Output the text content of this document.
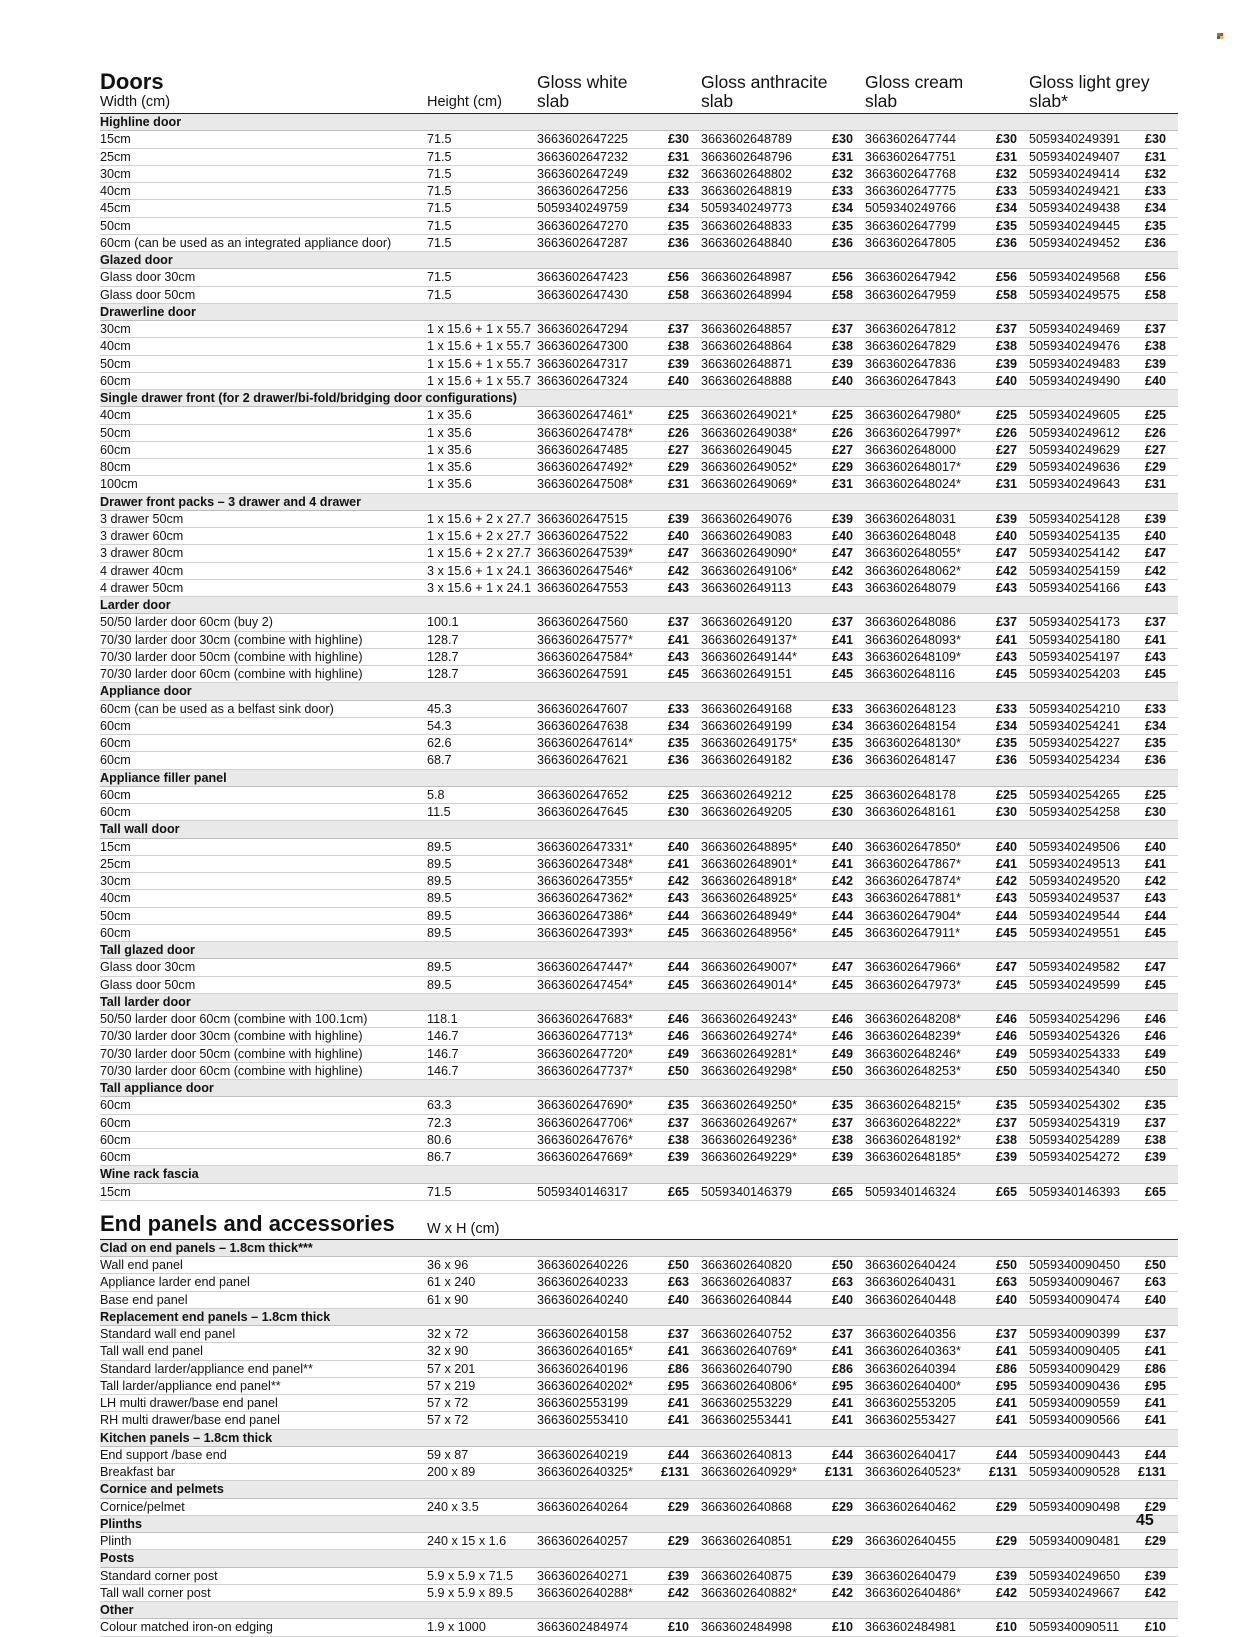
Doors
Width (cm)	Height (cm)
Gloss white
slab
Gloss anthracite
slab
Gloss cream
slab
Gloss light grey
slab*
Highline door
15cm	71.5	3663602647225	£30 3663602648789	£30 3663602647744	£30 5059340249391 £30
25cm	71.5	3663602647232	£31 3663602648796	£31 3663602647751	£31 5059340249407 £31
30cm	71.5	3663602647249	£32 3663602648802	£32 3663602647768	£32 5059340249414 £32
40cm	71.5	3663602647256	£33 3663602648819	£33 3663602647775	£33 5059340249421 £33
45cm	71.5	5059340249759	£34 5059340249773	£34 5059340249766	£34 5059340249438 £34
50cm	71.5	3663602647270	£35 3663602648833	£35 3663602647799	£35 5059340249445 £35
60cm (can be used as an integrated appliance door)	71.5	3663602647287	£36 3663602648840	£36 3663602647805	£36 5059340249452 £36
Glazed door
Glass door 30cm	71.5	3663602647423	£56 3663602648987	£56 3663602647942	£56 5059340249568 £56
Glass door 50cm	71.5	3663602647430	£58 3663602648994	£58 3663602647959	£58 5059340249575 £58
Drawerline door
30cm	1 x 15.6 + 1 x 55.7 3663602647294	£37 3663602648857	£37 3663602647812	£37 5059340249469 £37
40cm	1 x 15.6 + 1 x 55.7 3663602647300	£38 3663602648864	£38 3663602647829	£38 5059340249476 £38
50cm	1 x 15.6 + 1 x 55.7 3663602647317	£39 3663602648871	£39 3663602647836	£39 5059340249483 £39
60cm	1 x 15.6 + 1 x 55.7 3663602647324	£40 3663602648888	£40 3663602647843	£40 5059340249490 £40
Single drawer front (for 2 drawer/bi-fold/bridging door configurations)
40cm	1 x 35.6	3663602647461*	£25 3663602649021*	£25 3663602647980*	£25 5059340249605 £25
50cm	1 x 35.6	3663602647478*	£26 3663602649038*	£26 3663602647997*	£26 5059340249612 £26
60cm	1 x 35.6	3663602647485	£27 3663602649045	£27 3663602648000	£27 5059340249629 £27
80cm	1 x 35.6	3663602647492*	£29 3663602649052*	£29 3663602648017*	£29 5059340249636 £29
100cm	1 x 35.6	3663602647508*	£31 3663602649069*	£31 3663602648024*	£31 5059340249643 £31
Drawer front packs – 3 drawer and 4 drawer
3 drawer 50cm	1 x 15.6 + 2 x 27.7 3663602647515	£39 3663602649076	£39 3663602648031	£39 5059340254128 £39
3 drawer 60cm	1 x 15.6 + 2 x 27.7 3663602647522	£40 3663602649083	£40 3663602648048	£40 5059340254135 £40
3 drawer 80cm	1 x 15.6 + 2 x 27.7 3663602647539*	£47 3663602649090*	£47 3663602648055*	£47 5059340254142 £47
4 drawer 40cm	3 x 15.6 + 1 x 24.1 3663602647546*	£42 3663602649106*	£42 3663602648062*	£42 5059340254159 £42
4 drawer 50cm	3 x 15.6 + 1 x 24.1 3663602647553	£43 3663602649113	£43 3663602648079	£43 5059340254166 £43
Larder door
50/50 larder door 60cm (buy 2)	100.1	3663602647560	£37 3663602649120	£37 3663602648086	£37 5059340254173 £37
70/30 larder door 30cm (combine with highline)	128.7	3663602647577*	£41 3663602649137*	£41 3663602648093*	£41 5059340254180 £41
70/30 larder door 50cm (combine with highline)	128.7	3663602647584*	£43 3663602649144*	£43 3663602648109*	£43 5059340254197 £43
70/30 larder door 60cm (combine with highline)	128.7	3663602647591	£45 3663602649151	£45 3663602648116	£45 5059340254203 £45
Appliance door
60cm (can be used as a belfast sink door)	45.3	3663602647607	£33 3663602649168	£33 3663602648123	£33 5059340254210 £33
60cm	54.3	3663602647638	£34 3663602649199	£34 3663602648154	£34 5059340254241 £34
60cm	62.6	3663602647614*	£35 3663602649175*	£35 3663602648130*	£35 5059340254227 £35
60cm	68.7	3663602647621	£36 3663602649182	£36 3663602648147	£36 5059340254234 £36
Appliance filler panel
60cm	5.8	3663602647652	£25 3663602649212	£25 3663602648178	£25 5059340254265 £25
60cm	11.5	3663602647645	£30 3663602649205	£30 3663602648161	£30 5059340254258 £30
Tall wall door
15cm	89.5	3663602647331*	£40 3663602648895*	£40 3663602647850*	£40 5059340249506 £40
25cm	89.5	3663602647348*	£41 3663602648901*	£41 3663602647867*	£41 5059340249513 £41
30cm	89.5	3663602647355*	£42 3663602648918*	£42 3663602647874*	£42 5059340249520 £42
40cm	89.5	3663602647362*	£43 3663602648925*	£43 3663602647881*	£43 5059340249537 £43
50cm	89.5	3663602647386*	£44 3663602648949*	£44 3663602647904*	£44 5059340249544 £44
60cm	89.5	3663602647393*	£45 3663602648956*	£45 3663602647911*	£45 5059340249551 £45
Tall glazed door
Glass door 30cm	89.5	3663602647447*	£44 3663602649007*	£47 3663602647966*	£47 5059340249582 £47
Glass door 50cm	89.5	3663602647454*	£45 3663602649014*	£45 3663602647973*	£45 5059340249599 £45
Tall larder door
50/50 larder door 60cm (combine with 100.1cm)	118.1	3663602647683*	£46 3663602649243*	£46 3663602648208*	£46 5059340254296 £46
70/30 larder door 30cm (combine with highline)	146.7	3663602647713*	£46 3663602649274*	£46 3663602648239*	£46 5059340254326 £46
70/30 larder door 50cm (combine with highline)	146.7	3663602647720*	£49 3663602649281*	£49 3663602648246*	£49 5059340254333 £49
70/30 larder door 60cm (combine with highline)	146.7	3663602647737*	£50 3663602649298*	£50 3663602648253*	£50 5059340254340 £50
Tall appliance door
60cm	63.3	3663602647690*	£35 3663602649250*	£35 3663602648215*	£35 5059340254302 £35
60cm	72.3	3663602647706*	£37 3663602649267*	£37 3663602648222*	£37 5059340254319 £37
60cm	80.6	3663602647676*	£38 3663602649236*	£38 3663602648192*	£38 5059340254289 £38
60cm	86.7	3663602647669*	£39 3663602649229*	£39 3663602648185*	£39 5059340254272 £39
Wine rack fascia
15cm	71.5	5059340146317	£65 5059340146379	£65 5059340146324	£65 5059340146393 £65
End panels and accessories	W x H (cm)
Clad on end panels – 1.8cm thick***
Wall end panel	36 x 96	3663602640226	£50 3663602640820	£50 3663602640424	£50 5059340090450 £50
Appliance larder end panel	61 x 240	3663602640233	£63 3663602640837	£63 3663602640431	£63 5059340090467 £63
Base end panel	61 x 90	3663602640240	£40 3663602640844	£40 3663602640448	£40 5059340090474 £40
Replacement end panels – 1.8cm thick
Standard wall end panel	32 x 72	3663602640158	£37 3663602640752	£37 3663602640356	£37 5059340090399 £37
Tall wall end panel	32 x 90	3663602640165*	£41 3663602640769*	£41 3663602640363*	£41 5059340090405 £41
Standard larder/appliance end panel**	57 x 201	3663602640196	£86 3663602640790	£86 3663602640394	£86 5059340090429 £86
Tall larder/appliance end panel**	57 x 219	3663602640202*	£95 3663602640806*	£95 3663602640400*	£95 5059340090436 £95
LH multi drawer/base end panel	57 x 72	3663602553199	£41 3663602553229	£41 3663602553205	£41 5059340090559 £41
RH multi drawer/base end panel	57 x 72	3663602553410	£41 3663602553441	£41 3663602553427	£41 5059340090566 £41
Kitchen panels – 1.8cm thick
End support /base end	59 x 87	3663602640219	£44 3663602640813	£44 3663602640417	£44 5059340090443 £44
Breakfast bar	200 x 89	3663602640325* £131 3663602640929* £131 3663602640523* £131 5059340090528 £131
Cornice and pelmets
Cornice/pelmet	240 x 3.5	3663602640264	£29 3663602640868	£29 3663602640462	£29 5059340090498 £29
Plinths
Plinth	240 x 15 x 1.6	3663602640257	£29 3663602640851	£29 3663602640455	£29 5059340090481 £29
Posts
Standard corner post	5.9 x 5.9 x 71.5	3663602640271	£39 3663602640875	£39 3663602640479	£39 5059340249650 £39
Tall wall corner post	5.9 x 5.9 x 89.5	3663602640288*	£42 3663602640882*	£42 3663602640486*	£42 5059340249667 £42
Other
Colour matched iron-on edging	1.9 x 1000	3663602484974	£10 3663602484998	£10 3663602484981	£10 5059340090511 £10
45
